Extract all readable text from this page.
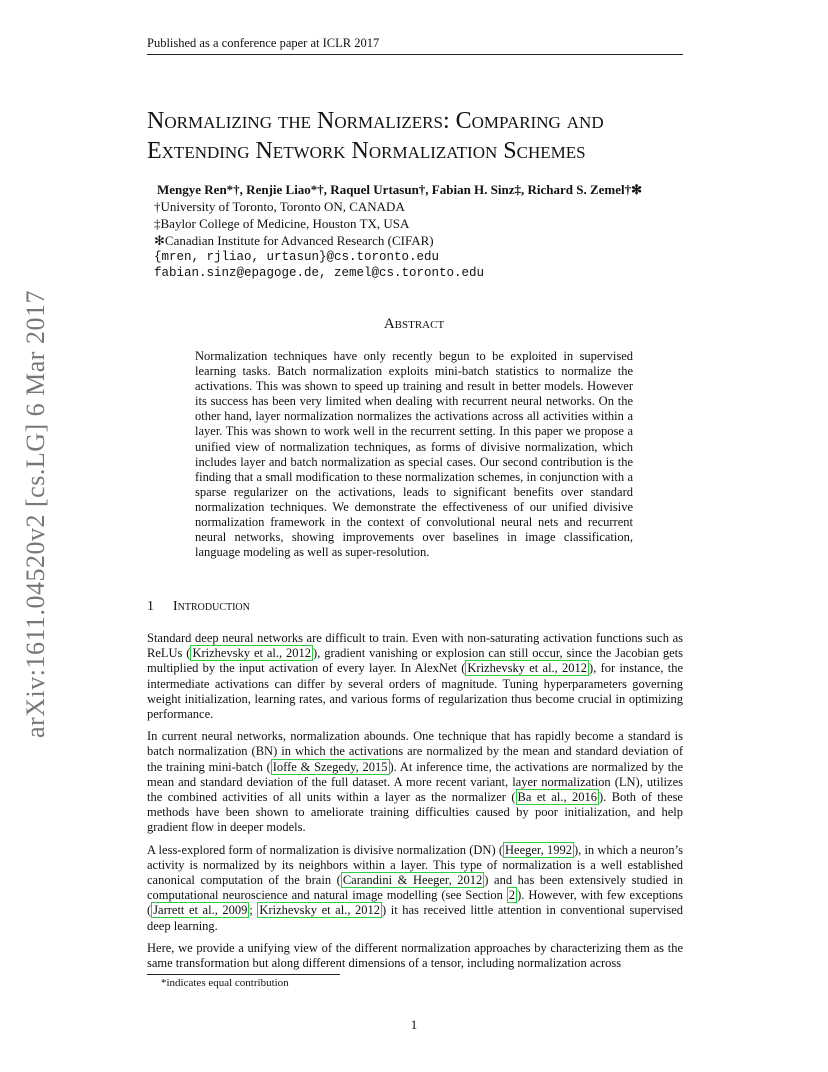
Published as a conference paper at ICLR 2017
arXiv:1611.04520v2 [cs.LG] 6 Mar 2017
Normalizing the Normalizers: Comparing and
Extending Network Normalization Schemes
Mengye Ren*†, Renjie Liao*†, Raquel Urtasun†, Fabian H. Sinz‡, Richard S. Zemel†✻
†University of Toronto, Toronto ON, CANADA
‡Baylor College of Medicine, Houston TX, USA
✻Canadian Institute for Advanced Research (CIFAR)
{mren, rjliao, urtasun}@cs.toronto.edu
fabian.sinz@epagoge.de, zemel@cs.toronto.edu
Abstract
Normalization techniques have only recently begun to be exploited in supervised learning tasks. Batch normalization exploits mini-batch statistics to normalize the activations. This was shown to speed up training and result in better models. However its success has been very limited when dealing with recurrent neural networks. On the other hand, layer normalization normalizes the activations across all activities within a layer. This was shown to work well in the recurrent setting. In this paper we propose a unified view of normalization techniques, as forms of divisive normalization, which includes layer and batch normalization as special cases. Our second contribution is the finding that a small modification to these normalization schemes, in conjunction with a sparse regularizer on the activations, leads to significant benefits over standard normalization techniques. We demonstrate the effectiveness of our unified divisive normalization framework in the context of convolutional neural nets and recurrent neural networks, showing improvements over baselines in image classification, language modeling as well as super-resolution.
1 Introduction

Standard deep neural networks are difficult to train. Even with non-saturating activation functions such as ReLUs ( Krizhevsky et al., 2012 ), gradient vanishing or explosion can still occur, since the Jacobian gets multiplied by the input activation of every layer. In AlexNet ( Krizhevsky et al., 2012 ), for instance, the intermediate activations can differ by several orders of magnitude. Tuning hyperparameters governing weight initialization, learning rates, and various forms of regularization thus become crucial in optimizing performance.

In current neural networks, normalization abounds. One technique that has rapidly become a standard is batch normalization (BN) in which the activations are normalized by the mean and standard deviation of the training mini-batch ( Ioffe & Szegedy, 2015 ). At inference time, the activations are normalized by the mean and standard deviation of the full dataset. A more recent variant, layer normalization (LN), utilizes the combined activities of all units within a layer as the normalizer ( Ba et al., 2016 ). Both of these methods have been shown to ameliorate training difficulties caused by poor initialization, and help gradient flow in deeper models.

A less-explored form of normalization is divisive normalization (DN) ( Heeger, 1992 ), in which a neuron’s activity is normalized by its neighbors within a layer. This type of normalization is a well established canonical computation of the brain ( Carandini & Heeger, 2012 ) and has been extensively studied in computational neuroscience and natural image modelling (see Section 2 ). However, with few exceptions ( Jarrett et al., 2009 ; Krizhevsky et al., 2012 ) it has received little attention in conventional supervised deep learning.

Here, we provide a unifying view of the different normalization approaches by characterizing them as the same transformation but along different dimensions of a tensor, including normalization across

*indicates equal contribution
1
